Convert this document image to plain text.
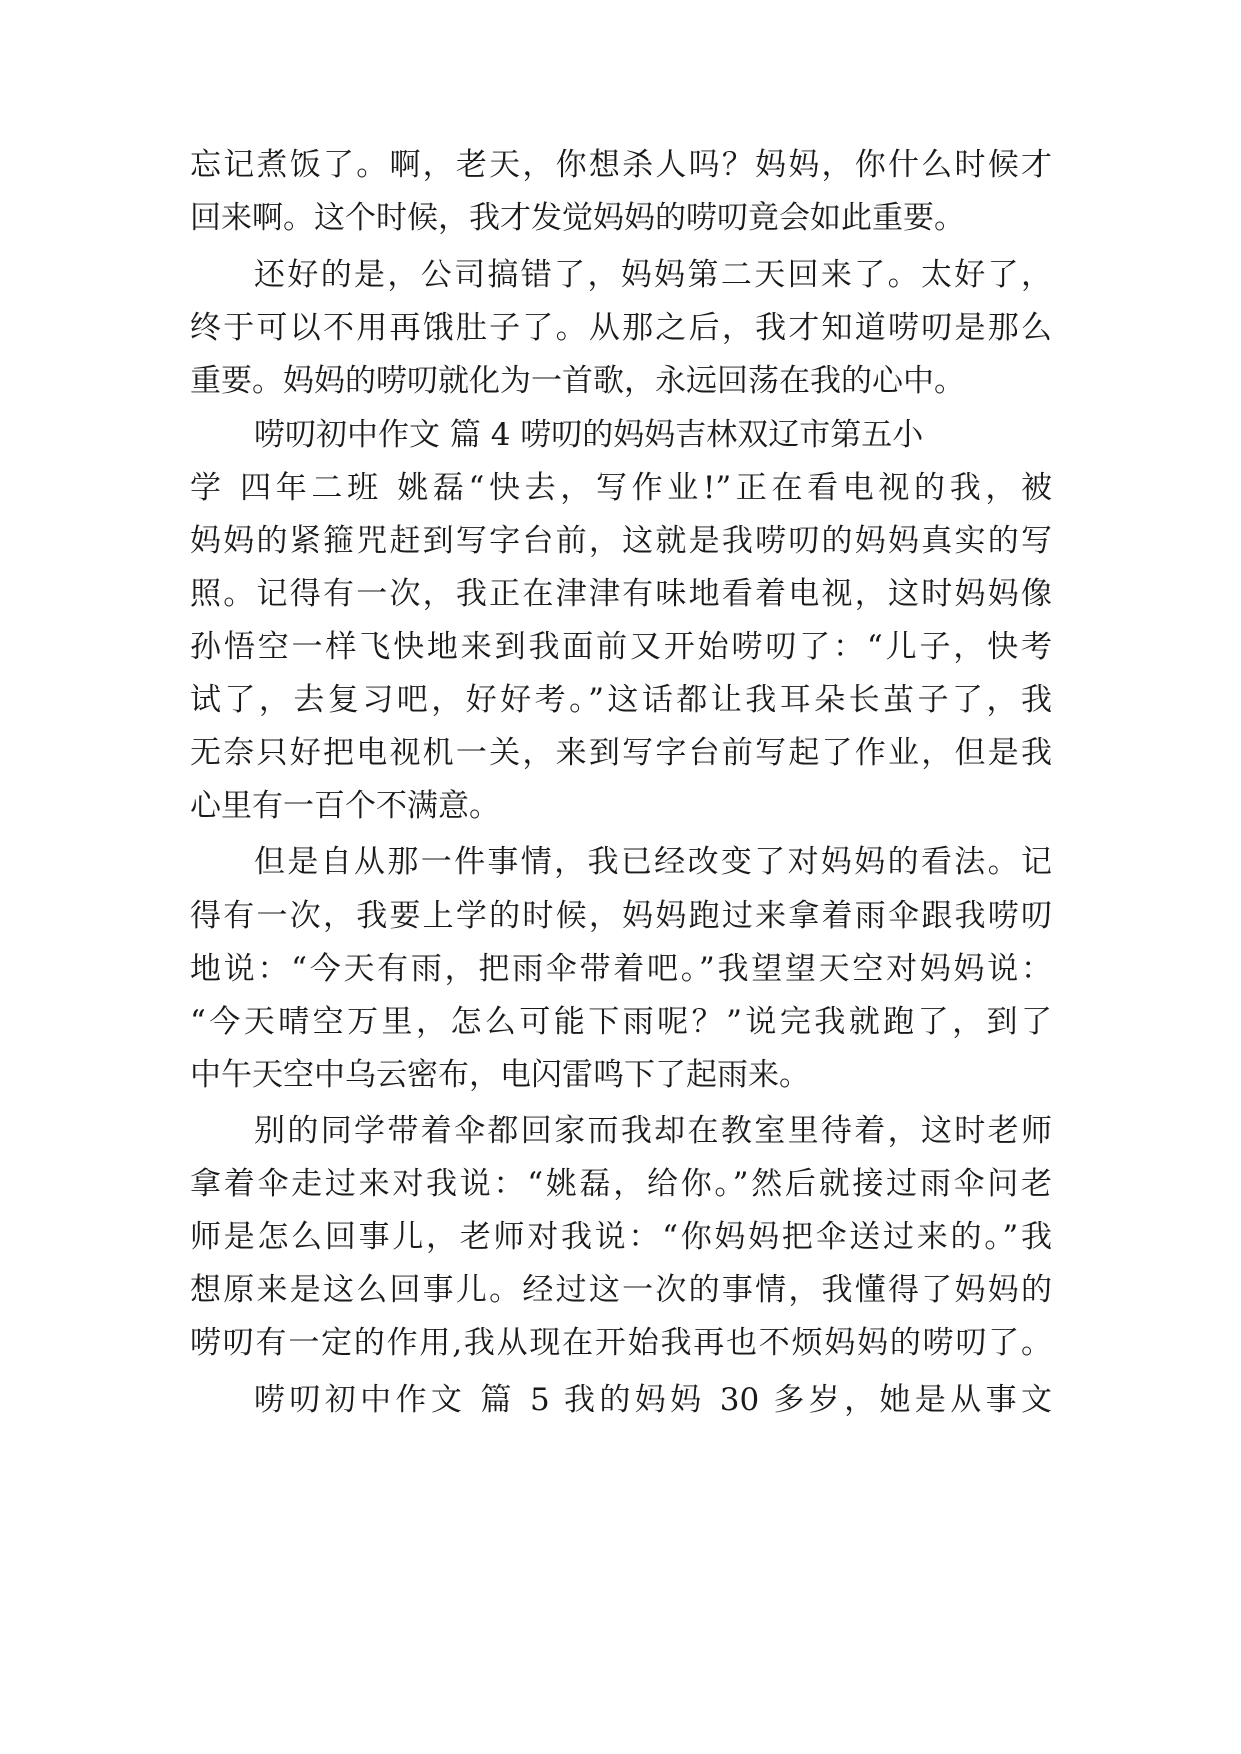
忘记煮饭了。啊，老天，你想杀人吗？妈妈，你什么时候才
回来啊。这个时候，我才发觉妈妈的唠叨竟会如此重要。
还好的是，公司搞错了，妈妈第二天回来了。太好了，
终于可以不用再饿肚子了。从那之后，我才知道唠叨是那么
重要。妈妈的唠叨就化为一首歌，永远回荡在我的心中。
唠叨初中作文 篇 4 唠叨的妈妈吉林双辽市第五小
学 四年二班 姚磊“快去，写作业!”正在看电视的我，被
妈妈的紧箍咒赶到写字台前，这就是我唠叨的妈妈真实的写
照。记得有一次，我正在津津有味地看着电视，这时妈妈像
孙悟空一样飞快地来到我面前又开始唠叨了：“儿子，快考
试了，去复习吧，好好考。”这话都让我耳朵长茧子了，我
无奈只好把电视机一关，来到写字台前写起了作业，但是我
心里有一百个不满意。
但是自从那一件事情，我已经改变了对妈妈的看法。记
得有一次，我要上学的时候，妈妈跑过来拿着雨伞跟我唠叨
地说：“今天有雨，把雨伞带着吧。”我望望天空对妈妈说：
“今天晴空万里，怎么可能下雨呢？”说完我就跑了，到了
中午天空中乌云密布，电闪雷鸣下了起雨来。
别的同学带着伞都回家而我却在教室里待着，这时老师
拿着伞走过来对我说：“姚磊，给你。”然后就接过雨伞问老
师是怎么回事儿，老师对我说：“你妈妈把伞送过来的。”我
想原来是这么回事儿。经过这一次的事情，我懂得了妈妈的
唠叨有一定的作用,我从现在开始我再也不烦妈妈的唠叨了。
唠叨初中作文 篇 5 我的妈妈 30 多岁，她是从事文
